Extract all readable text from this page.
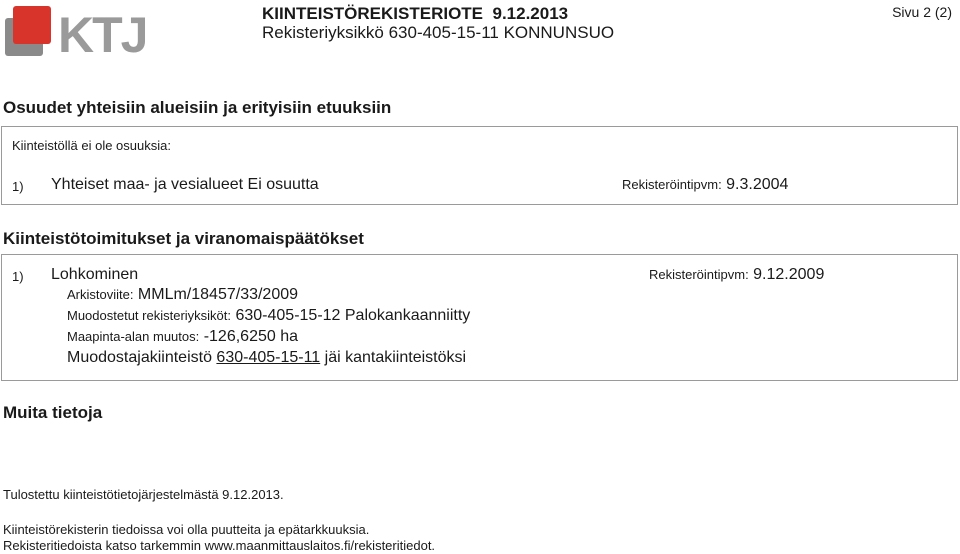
KTJ	KIINTEISTÖREKISTERIOTE 9.12.2013
Rekisteriyksikkö 630-405-15-11 KONNUNSUO
Sivu 2 (2)
Osuudet yhteisiin alueisiin ja erityisiin etuuksiin
Kiinteistöllä ei ole osuuksia:
1) Yhteiset maa- ja vesialueet Ei osuutta	Rekisteröintipvm: 9.3.2004
Kiinteistötoimitukset ja viranomaispäätökset
1) Lohkominen	Rekisteröintipvm: 9.12.2009
Arkistoviite: MMLm/18457/33/2009
Muodostetut rekisteriyksiköt: 630-405-15-12 Palokankaanniitty
Maapinta-alan muutos: -126,6250 ha
Muodostajakiinteistö 630-405-15-11 jäi kantakiinteistöksi
Muita tietoja
Tulostettu kiinteistötietojärjestelmästä 9.12.2013.
Kiinteistörekisterin tiedoissa voi olla puutteita ja epätarkkuuksia.
Rekisteritiedoista katso tarkemmin www.maanmittauslaitos.fi/rekisteritiedot.
